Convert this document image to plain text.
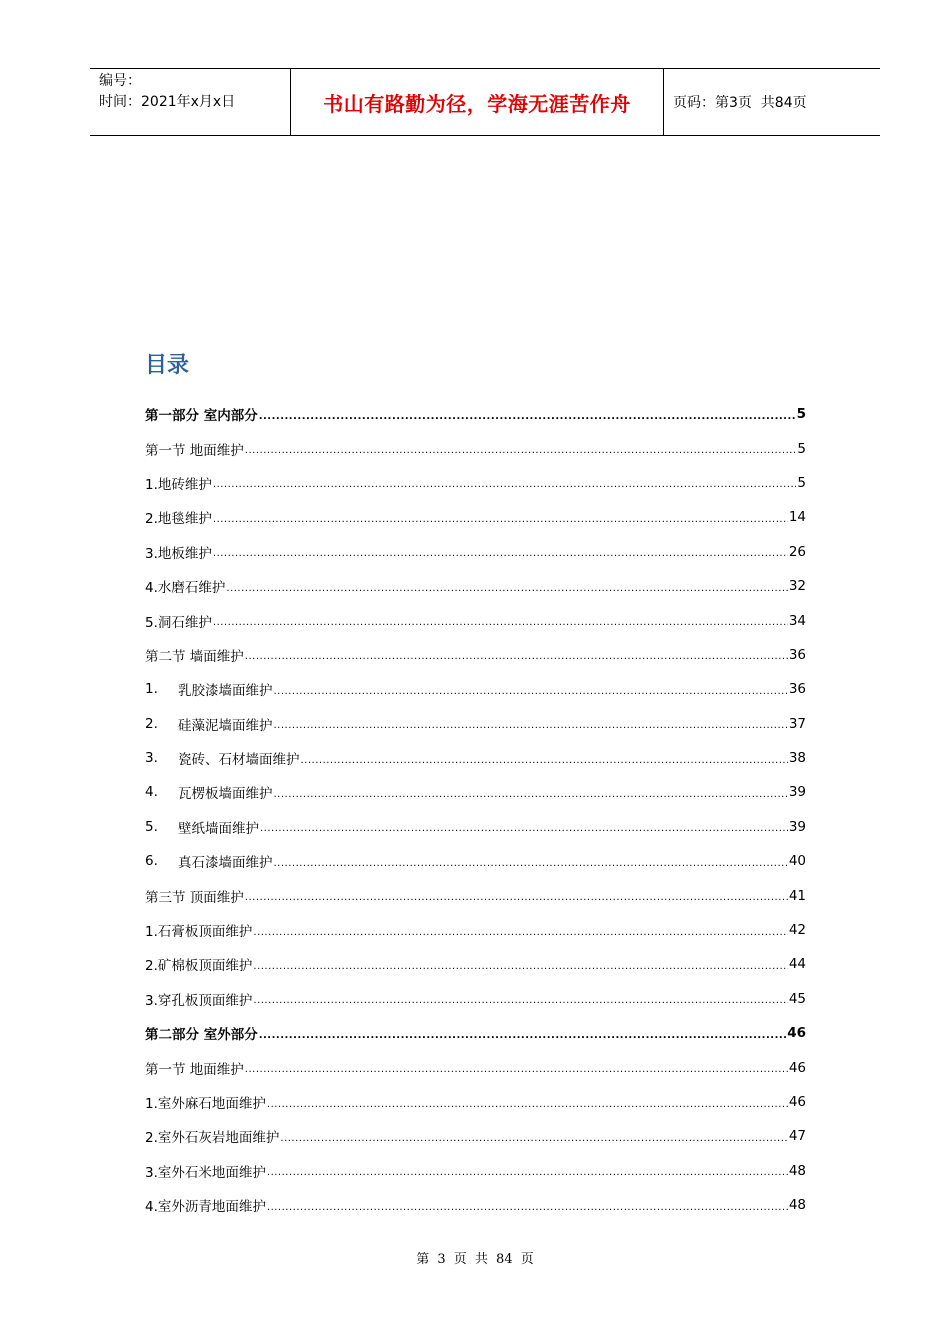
编号：
时间：2021年x月x日	书山有路勤为径，学海无涯苦作舟	页码：第3页  共84页
目录
第一部分 室内部分 .....	5
第一节 地面维护 .....	5
1.地砖维护 .....	5
2.地毯维护 .....	14
3.地板维护 .....	26
4.水磨石维护 .....	32
5.洞石维护 .....	34
第二节 墙面维护 .....	36
1.	乳胶漆墙面维护 .....	36
2.	硅藻泥墙面维护 .....	37
3.	瓷砖、石材墙面维护 .....	38
4.	瓦楞板墙面维护 .....	39
5.	壁纸墙面维护 .....	39
6.	真石漆墙面维护 .....	40
第三节 顶面维护 .....	41
1.石膏板顶面维护 .....	42
2.矿棉板顶面维护 .....	44
3.穿孔板顶面维护 .....	45
第二部分 室外部分 .....	46
第一节 地面维护 .....	46
1.室外麻石地面维护 .....	46
2.室外石灰岩地面维护 .....	47
3.室外石米地面维护 .....	48
4.室外沥青地面维护 .....	48
第 3 页 共 84 页
